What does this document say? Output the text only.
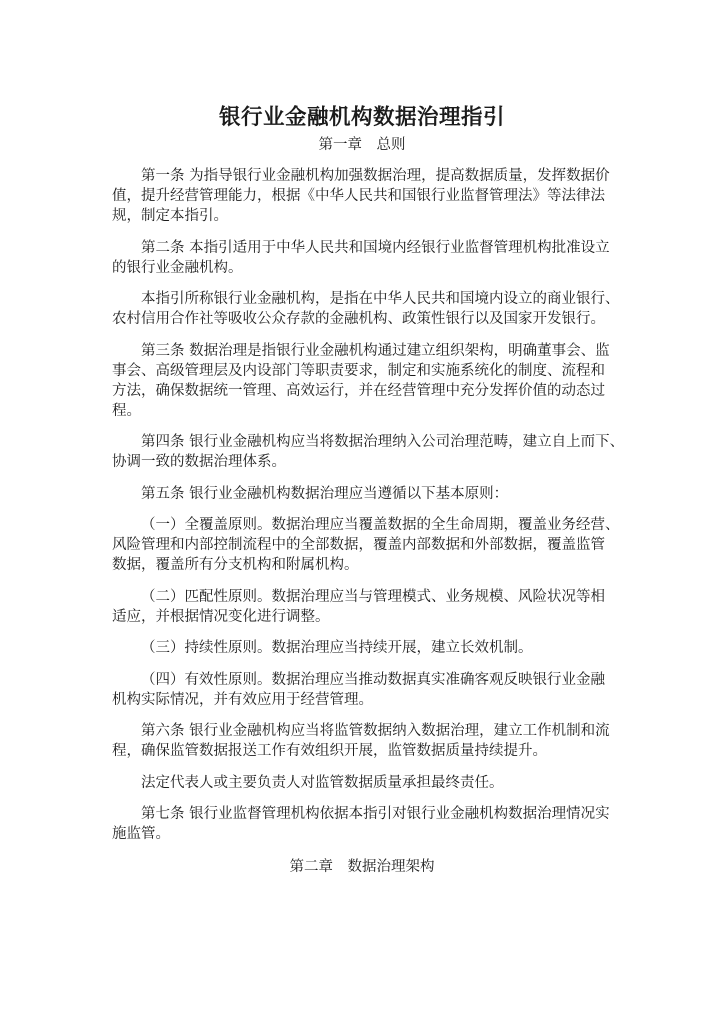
银行业金融机构数据治理指引
第一章　总则
第一条 为指导银行业金融机构加强数据治理，提高数据质量，发挥数据价
值，提升经营管理能力，根据《中华人民共和国银行业监督管理法》等法律法
规，制定本指引。
第二条 本指引适用于中华人民共和国境内经银行业监督管理机构批准设立
的银行业金融机构。
本指引所称银行业金融机构，是指在中华人民共和国境内设立的商业银行、
农村信用合作社等吸收公众存款的金融机构、政策性银行以及国家开发银行。
第三条 数据治理是指银行业金融机构通过建立组织架构，明确董事会、监
事会、高级管理层及内设部门等职责要求，制定和实施系统化的制度、流程和
方法，确保数据统一管理、高效运行，并在经营管理中充分发挥价值的动态过
程。
第四条 银行业金融机构应当将数据治理纳入公司治理范畴，建立自上而下、
协调一致的数据治理体系。
第五条 银行业金融机构数据治理应当遵循以下基本原则：
（一）全覆盖原则。数据治理应当覆盖数据的全生命周期，覆盖业务经营、
风险管理和内部控制流程中的全部数据，覆盖内部数据和外部数据，覆盖监管
数据，覆盖所有分支机构和附属机构。
（二）匹配性原则。数据治理应当与管理模式、业务规模、风险状况等相
适应，并根据情况变化进行调整。
（三）持续性原则。数据治理应当持续开展，建立长效机制。
（四）有效性原则。数据治理应当推动数据真实准确客观反映银行业金融
机构实际情况，并有效应用于经营管理。
第六条 银行业金融机构应当将监管数据纳入数据治理，建立工作机制和流
程，确保监管数据报送工作有效组织开展，监管数据质量持续提升。
法定代表人或主要负责人对监管数据质量承担最终责任。
第七条 银行业监督管理机构依据本指引对银行业金融机构数据治理情况实
施监管。
第二章　数据治理架构
